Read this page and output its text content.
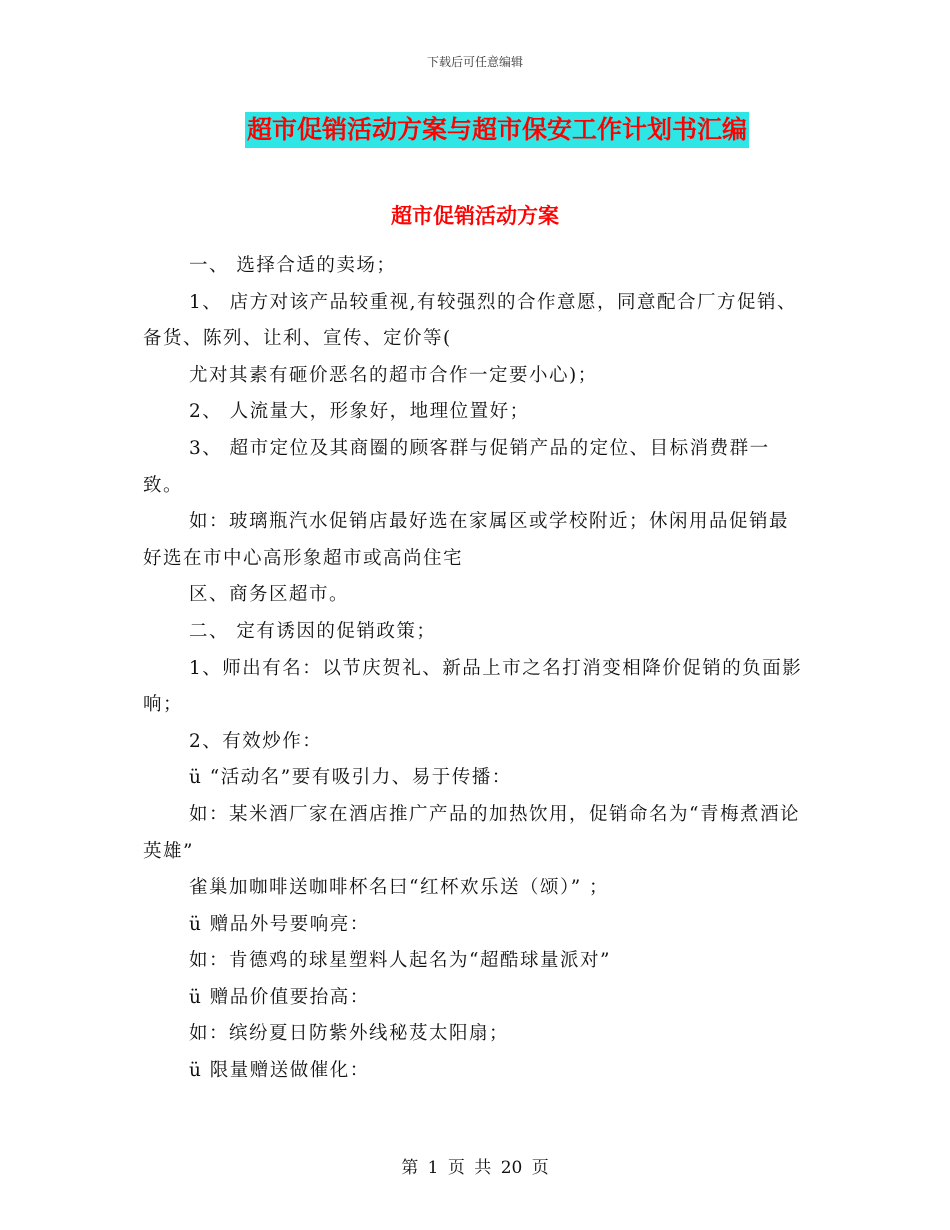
下载后可任意编辑
超市促销活动方案与超市保安工作计划书汇编
超市促销活动方案

一、 选择合适的卖场；

1、 店方对该产品较重视,有较强烈的合作意愿，同意配合厂方促销、备货、陈列、让利、宣传、定价等(

尤对其素有砸价恶名的超市合作一定要小心)；

2、 人流量大，形象好，地理位置好；

3、 超市定位及其商圈的顾客群与促销产品的定位、目标消费群一致。

如：玻璃瓶汽水促销店最好选在家属区或学校附近；休闲用品促销最好选在市中心高形象超市或高尚住宅

区、商务区超市。

二、 定有诱因的促销政策；

1、师出有名：以节庆贺礼、新品上市之名打消变相降价促销的负面影响；

2、有效炒作：

ü “活动名”要有吸引力、易于传播：

如：某米酒厂家在酒店推广产品的加热饮用，促销命名为“青梅煮酒论英雄”

雀巢加咖啡送咖啡杯名曰“红杯欢乐送（颂）” ；

ü 赠品外号要响亮：

如：肯德鸡的球星塑料人起名为“超酷球量派对”

ü 赠品价值要抬高：

如：缤纷夏日防紫外线秘芨太阳扇；

ü 限量赠送做催化：

第 1 页 共 20 页
